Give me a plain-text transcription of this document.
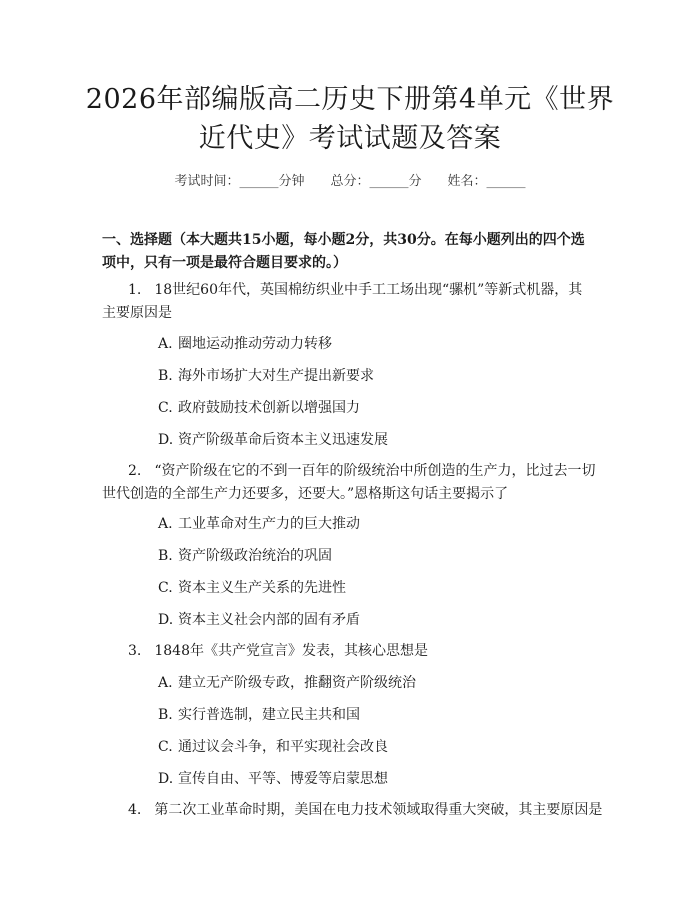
2026年部编版高二历史下册第4单元《世界
近代史》考试试题及答案
考试时间：______分钟　　总分：______分　　姓名：______
一、选择题（本大题共15小题，每小题2分，共30分。在每小题列出的四个选
项中，只有一项是最符合题目要求的。）
1. 18世纪60年代，英国棉纺织业中手工工场出现“骡机”等新式机器，其
主要原因是
A. 圈地运动推动劳动力转移
B. 海外市场扩大对生产提出新要求
C. 政府鼓励技术创新以增强国力
D. 资产阶级革命后资本主义迅速发展
2. “资产阶级在它的不到一百年的阶级统治中所创造的生产力，比过去一切
世代创造的全部生产力还要多，还要大。”恩格斯这句话主要揭示了
A. 工业革命对生产力的巨大推动
B. 资产阶级政治统治的巩固
C. 资本主义生产关系的先进性
D. 资本主义社会内部的固有矛盾
3. 1848年《共产党宣言》发表，其核心思想是
A. 建立无产阶级专政，推翻资产阶级统治
B. 实行普选制，建立民主共和国
C. 通过议会斗争，和平实现社会改良
D. 宣传自由、平等、博爱等启蒙思想
4. 第二次工业革命时期，美国在电力技术领域取得重大突破，其主要原因是
